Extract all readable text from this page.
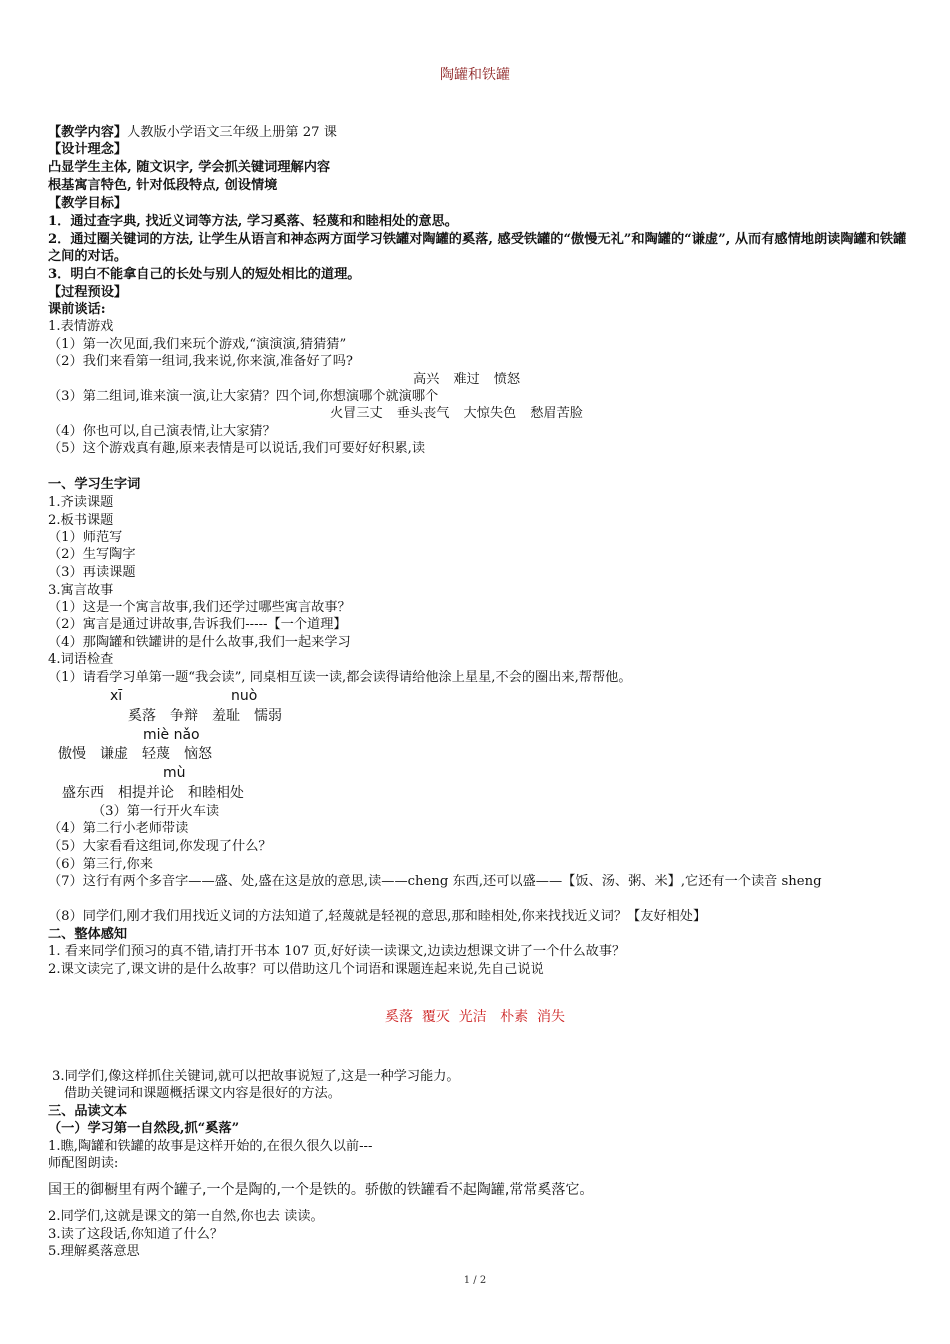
陶罐和铁罐
【教学内容】人教版小学语文三年级上册第 27 课
【设计理念】
凸显学生主体, 随文识字, 学会抓关键词理解内容
根基寓言特色, 针对低段特点, 创设情境
【教学目标】
1．通过查字典, 找近义词等方法, 学习奚落、轻蔑和和睦相处的意思。
2．通过圈关键词的方法, 让学生从语言和神态两方面学习铁罐对陶罐的奚落, 感受铁罐的“傲慢无礼”和陶罐的“谦虚”, 从而有感情地朗读陶罐和铁罐之间的对话。
3．明白不能拿自己的长处与别人的短处相比的道理。
【过程预设】
课前谈话:
1.表情游戏
（1）第一次见面,我们来玩个游戏,“演演演,猜猜猜”
（2）我们来看第一组词,我来说,你来演,准备好了吗?
高兴 难过 愤怒
（3）第二组词,谁来演一演,让大家猜？四个词,你想演哪个就演哪个
火冒三丈 垂头丧气 大惊失色 愁眉苦脸
（4）你也可以,自己演表情,让大家猜？
（5）这个游戏真有趣,原来表情是可以说话,我们可要好好积累,读
一、学习生字词
1.齐读课题
2.板书课题
（1）师范写
（2）生写陶字
（3）再读课题
3.寓言故事
（1）这是一个寓言故事,我们还学过哪些寓言故事？
（2）寓言是通过讲故事,告诉我们-----【一个道理】
（4）那陶罐和铁罐讲的是什么故事,我们一起来学习
4.词语检查
（1）请看学习单第一题“我会读”, 同桌相互读一读,都会读得请给他涂上星星,不会的圈出来,帮帮他。
xī	nuò
奚落 争辩 羞耻 懦弱
miè nǎo
傲慢 谦虚 轻蔑 恼怒
mù
盛东西 相提并论 和睦相处
（3）第一行开火车读
（4）第二行小老师带读
（5）大家看看这组词,你发现了什么？
（6）第三行,你来
（7）这行有两个多音字——盛、处,盛在这是放的意思,读——cheng 东西,还可以盛——【饭、汤、粥、米】,它还有一个读音 sheng
（8）同学们,刚才我们用找近义词的方法知道了,轻蔑就是轻视的意思,那和睦相处,你来找找近义词？【友好相处】
二、整体感知
1. 看来同学们预习的真不错,请打开书本 107 页,好好读一读课文,边读边想课文讲了一个什么故事？
2.课文读完了,课文讲的是什么故事？可以借助这几个词语和课题连起来说,先自己说说
奚落 覆灭 光洁 朴素 消失
3.同学们,像这样抓住关键词,就可以把故事说短了,这是一种学习能力。
借助关键词和课题概括课文内容是很好的方法。
三、品读文本
（一）学习第一自然段,抓“奚落”
1.瞧,陶罐和铁罐的故事是这样开始的,在很久很久以前---
师配图朗读:
国王的御橱里有两个罐子,一个是陶的,一个是铁的。骄傲的铁罐看不起陶罐,常常奚落它。
2.同学们,这就是课文的第一自然,你也去 读读。
3.读了这段话,你知道了什么？
5.理解奚落意思
1 / 2
